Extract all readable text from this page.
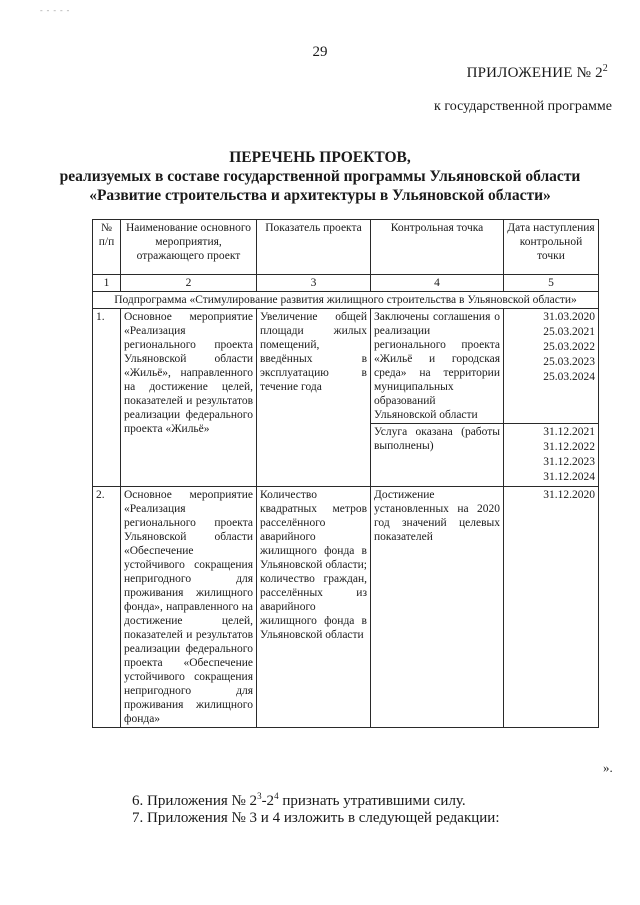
- - - - -
29
ПРИЛОЖЕНИЕ № $2^2$
к государственной программе
ПЕРЕЧЕНЬ ПРОЕКТОВ,
реализуемых в составе государственной программы Ульяновской области
«Развитие строительства и архитектуры в Ульяновской области»
№ п/п	Наименование основного мероприятия, отражающего проект	Показатель проекта	Контрольная точка	Дата наступления контрольной точки
1	2	3	4	5
Подпрограмма «Стимулирование развития жилищного строительства в Ульяновской области»				
1.	Основное мероприятие «Реализация регионального проекта Ульяновской области «Жильё», направленного на достижение целей, показателей и результатов реализации федерального проекта «Жильё»	Увеличение общей площади жилых помещений, введённых в эксплуатацию в течение года	Заключены соглашения о реализации регионального проекта «Жильё и городская среда» на территории муниципальных образований Ульяновской области	31.03.2020
25.03.2021
25.03.2022
25.03.2023
25.03.2024

			Услуга оказана (работы выполнены)	31.12.2021
31.12.2022
31.12.2023
31.12.2024

2.	Основное мероприятие «Реализация регионального проекта Ульяновской области «Обеспечение устойчивого сокращения непригодного для проживания жилищного фонда», направленного на достижение целей, показателей и результатов реализации федерального проекта «Обеспечение устойчивого сокращения непригодного для проживания жилищного фонда»	Количество квадратных метров расселённого аварийного жилищного фонда в Ульяновской области; количество граждан, расселённых из аварийного жилищного фонда в Ульяновской области	Достижение установленных на 2020 год значений целевых показателей	31.12.2020
».
6. Приложения № $2^3-2^4$ признать утратившими силу.
7. Приложения № 3 и 4 изложить в следующей редакции:
